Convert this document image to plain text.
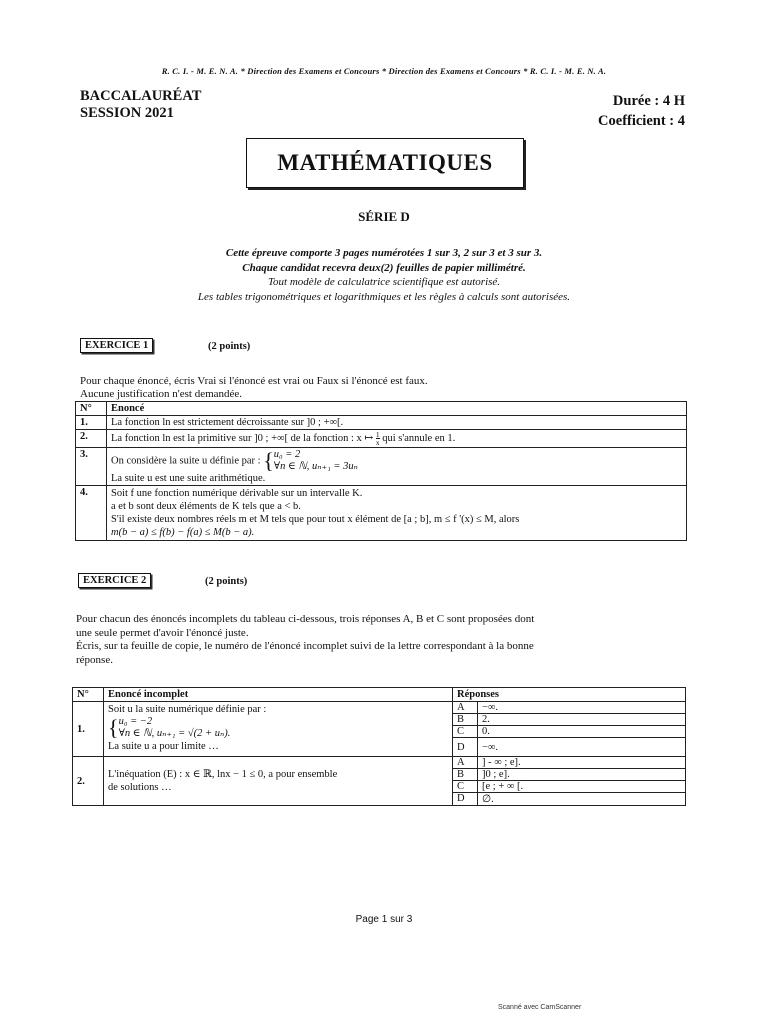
R. C. I. - M. E. N. A. * Direction des Examens et Concours * Direction des Examens et Concours * R. C. I. - M. E. N. A.
BACCALAURÉAT
SESSION 2021
Durée : 4 H
Coefficient : 4
MATHÉMATIQUES
SÉRIE D
Cette épreuve comporte 3 pages numérotées 1 sur 3, 2 sur 3 et 3 sur 3.
Chaque candidat recevra deux(2) feuilles de papier millimétré.
Tout modèle de calculatrice scientifique est autorisé.
Les tables trigonométriques et logarithmiques et les règles à calculs sont autorisées.
EXERCICE 1	(2 points)
Pour chaque énoncé, écris Vrai si l'énoncé est vrai ou Faux si l'énoncé est faux.
Aucune justification n'est demandée.
N°	Enoncé
1.	La fonction ln est strictement décroissante sur ]0 ; +∞[.
2.	La fonction ln est la primitive sur ]0 ; +∞[ de la fonction : x ↦ $\frac{1}{x}$ qui s'annule en 1.
3.	On considère la suite u définie par : {u₀ = 2
∀n ∈ ℕ, uₙ₊₁ = 3uₙ
La suite u est une suite arithmétique.

4.	Soit f une fonction numérique dérivable sur un intervalle K.
a et b sont deux éléments de K tels que a < b.
S'il existe deux nombres réels m et M tels que pour tout x élément de [a ; b], m ≤ f '(x) ≤ M, alors
m(b − a) ≤ f(b) − f(a) ≤ M(b − a).
EXERCICE 2	(2 points)
Pour chacun des énoncés incomplets du tableau ci-dessous, trois réponses A, B et C sont proposées dont
une seule permet d'avoir l'énoncé juste.
Écris, sur ta feuille de copie, le numéro de l'énoncé incomplet suivi de la lettre correspondant à la bonne
réponse.
N°	Enoncé incomplet	Réponses	
1.	Soit u la suite numérique définie par :
{u₀ = −2
∀n ∈ ℕ, uₙ₊₁ = √(2 + uₙ).
La suite u a pour limite …	A	−∞.
		B	2.
		C	0.
		D	−∞.
2.	L'inéquation (E) : x ∈ ℝ, lnx − 1 ≤ 0, a pour ensemble
de solutions …	A	] - ∞ ; e].
		B	]0 ; e].
		C	[e ; + ∞ [.
		D	∅.
Page 1 sur 3
Scanné avec CamScanner
